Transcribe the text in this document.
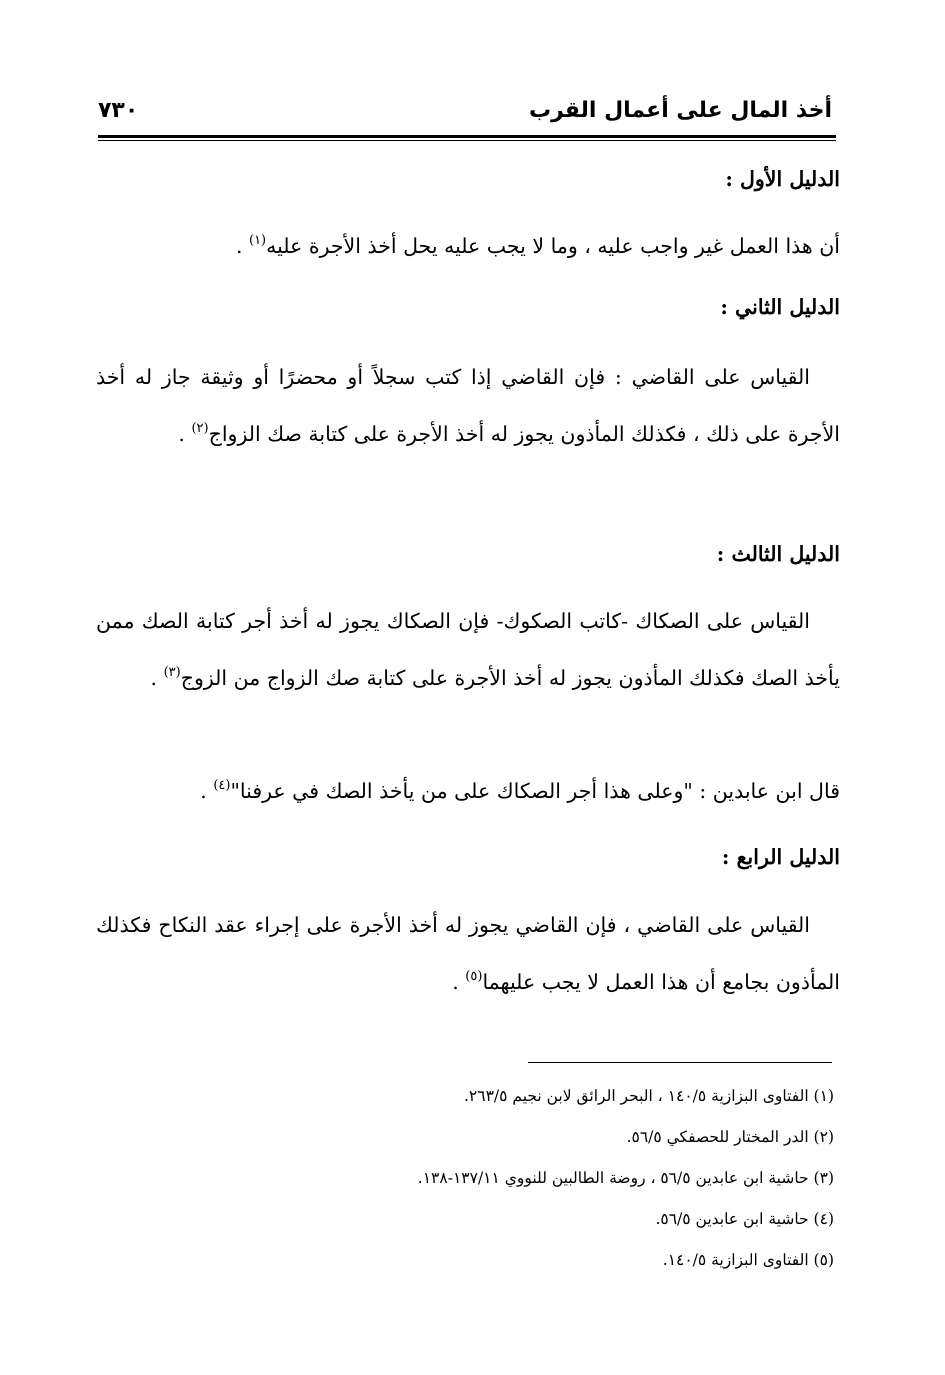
أخذ المال على أعمال القرب
٧٣٠

الدليل الأول :

أن هذا العمل غير واجب عليه ، وما لا يجب عليه يحل أخذ الأجرة عليه$^{(١)}$ .

الدليل الثاني :

القياس على القاضي : فإن القاضي إذا كتب سجلاً أو محضرًا أو وثيقة جاز له أخذ الأجرة على ذلك ، فكذلك المأذون يجوز له أخذ الأجرة على كتابة صك الزواج$^{(٢)}$ .

الدليل الثالث :

القياس على الصكاك -كاتب الصكوك- فإن الصكاك يجوز له أخذ أجر كتابة الصك ممن يأخذ الصك فكذلك المأذون يجوز له أخذ الأجرة على كتابة صك الزواج من الزوج$^{(٣)}$ .

قال ابن عابدين : "وعلى هذا أجر الصكاك على من يأخذ الصك في عرفنا"$^{(٤)}$ .

الدليل الرابع :

القياس على القاضي ، فإن القاضي يجوز له أخذ الأجرة على إجراء عقد النكاح فكذلك المأذون بجامع أن هذا العمل لا يجب عليهما$^{(٥)}$ .

(١) الفتاوى البزازية ١٤٠/٥ ، البحر الرائق لابن نجيم ٢٦٣/٥.

(٢) الدر المختار للحصفكي ٥٦/٥.

(٣) حاشية ابن عابدين ٥٦/٥ ، روضة الطالبين للنووي ١٣٧/١١-١٣٨.

(٤) حاشية ابن عابدين ٥٦/٥.

(٥) الفتاوى البزازية ١٤٠/٥.
